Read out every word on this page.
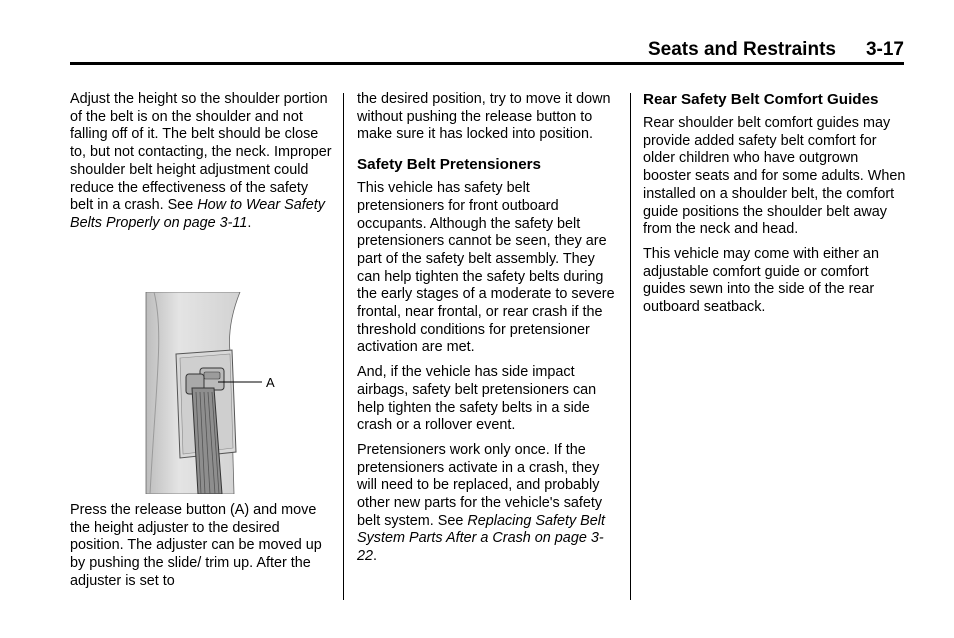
Seats and Restraints 3-17

Adjust the height so the shoulder portion of the belt is on the shoulder and not falling off of it. The belt should be close to, but not contacting, the neck. Improper shoulder belt height adjustment could reduce the effectiveness of the safety belt in a crash. See How to Wear Safety Belts Properly on page 3-11.

A

Press the release button (A) and move the height adjuster to the desired position. The adjuster can be moved up by pushing the slide/ trim up. After the adjuster is set to

the desired position, try to move it down without pushing the release button to make sure it has locked into position.

Safety Belt Pretensioners

This vehicle has safety belt pretensioners for front outboard occupants. Although the safety belt pretensioners cannot be seen, they are part of the safety belt assembly. They can help tighten the safety belts during the early stages of a moderate to severe frontal, near frontal, or rear crash if the threshold conditions for pretensioner activation are met.

And, if the vehicle has side impact airbags, safety belt pretensioners can help tighten the safety belts in a side crash or a rollover event.

Pretensioners work only once. If the pretensioners activate in a crash, they will need to be replaced, and probably other new parts for the vehicle's safety belt system. See Replacing Safety Belt System Parts After a Crash on page 3-22.

Rear Safety Belt Comfort Guides

Rear shoulder belt comfort guides may provide added safety belt comfort for older children who have outgrown booster seats and for some adults. When installed on a shoulder belt, the comfort guide positions the shoulder belt away from the neck and head.

This vehicle may come with either an adjustable comfort guide or comfort guides sewn into the side of the rear outboard seatback.
